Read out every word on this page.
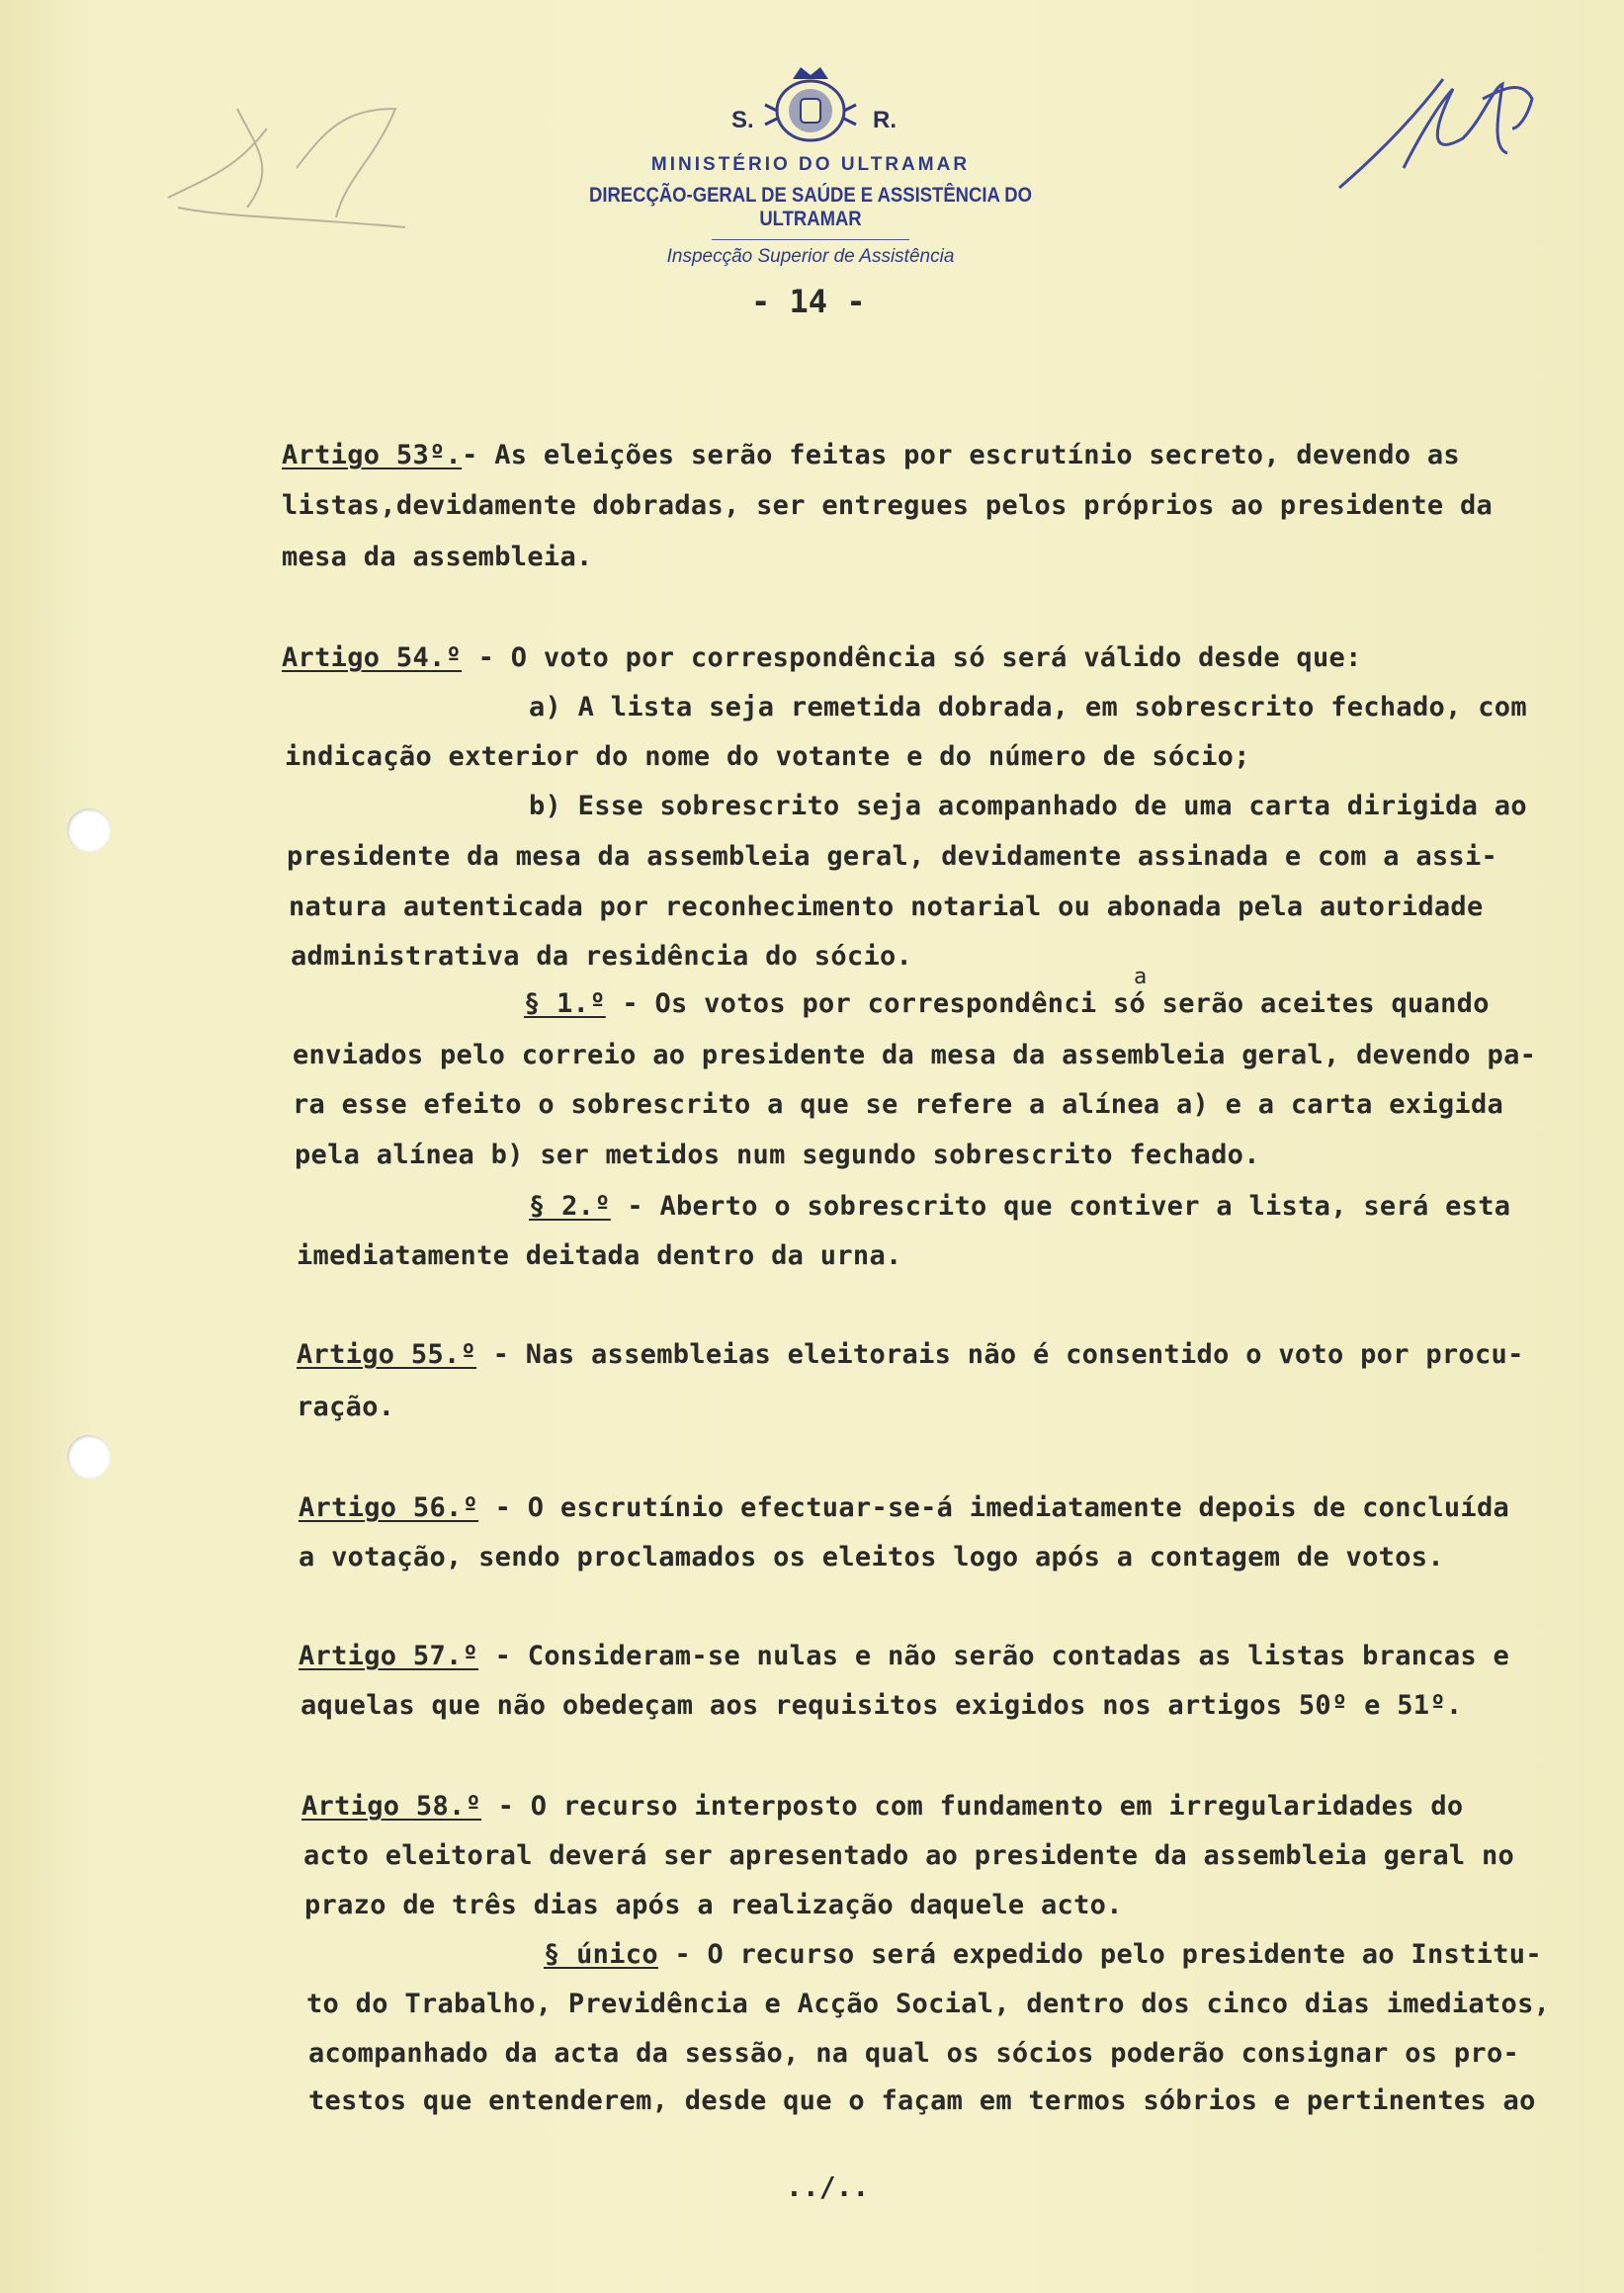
S.	R.
MINISTÉRIO DO ULTRAMAR
DIRECÇÃO-GERAL DE SAÚDE E ASSISTÊNCIA DO ULTRAMAR
Inspecção Superior de Assistência
- 14 -
Artigo 53º.- As eleições serão feitas por escrutínio secreto, devendo as
listas,devidamente dobradas, ser entregues pelos próprios ao presidente da
mesa da assembleia.
Artigo 54.º - O voto por correspondência só será válido desde que:
a) A lista seja remetida dobrada, em sobrescrito fechado, com
indicação exterior do nome do votante e do número de sócio;
b) Esse sobrescrito seja acompanhado de uma carta dirigida ao
presidente da mesa da assembleia geral, devidamente assinada e com a assi-
natura autenticada por reconhecimento notarial ou abonada pela autoridade
administrativa da residência do sócio.
a
§ 1.º - Os votos por correspondênci só serão aceites quando
enviados pelo correio ao presidente da mesa da assembleia geral, devendo pa-
ra esse efeito o sobrescrito a que se refere a alínea a) e a carta exigida
pela alínea b) ser metidos num segundo sobrescrito fechado.
§ 2.º - Aberto o sobrescrito que contiver a lista, será esta
imediatamente deitada dentro da urna.
Artigo 55.º - Nas assembleias eleitorais não é consentido o voto por procu-
ração.
Artigo 56.º - O escrutínio efectuar-se-á imediatamente depois de concluída
a votação, sendo proclamados os eleitos logo após a contagem de votos.
Artigo 57.º - Consideram-se nulas e não serão contadas as listas brancas e
aquelas que não obedeçam aos requisitos exigidos nos artigos 50º e 51º.
Artigo 58.º - O recurso interposto com fundamento em irregularidades do
acto eleitoral deverá ser apresentado ao presidente da assembleia geral no
prazo de três dias após a realização daquele acto.
§ único - O recurso será expedido pelo presidente ao Institu-
to do Trabalho, Previdência e Acção Social, dentro dos cinco dias imediatos,
acompanhado da acta da sessão, na qual os sócios poderão consignar os pro-
testos que entenderem, desde que o façam em termos sóbrios e pertinentes ao
../..
